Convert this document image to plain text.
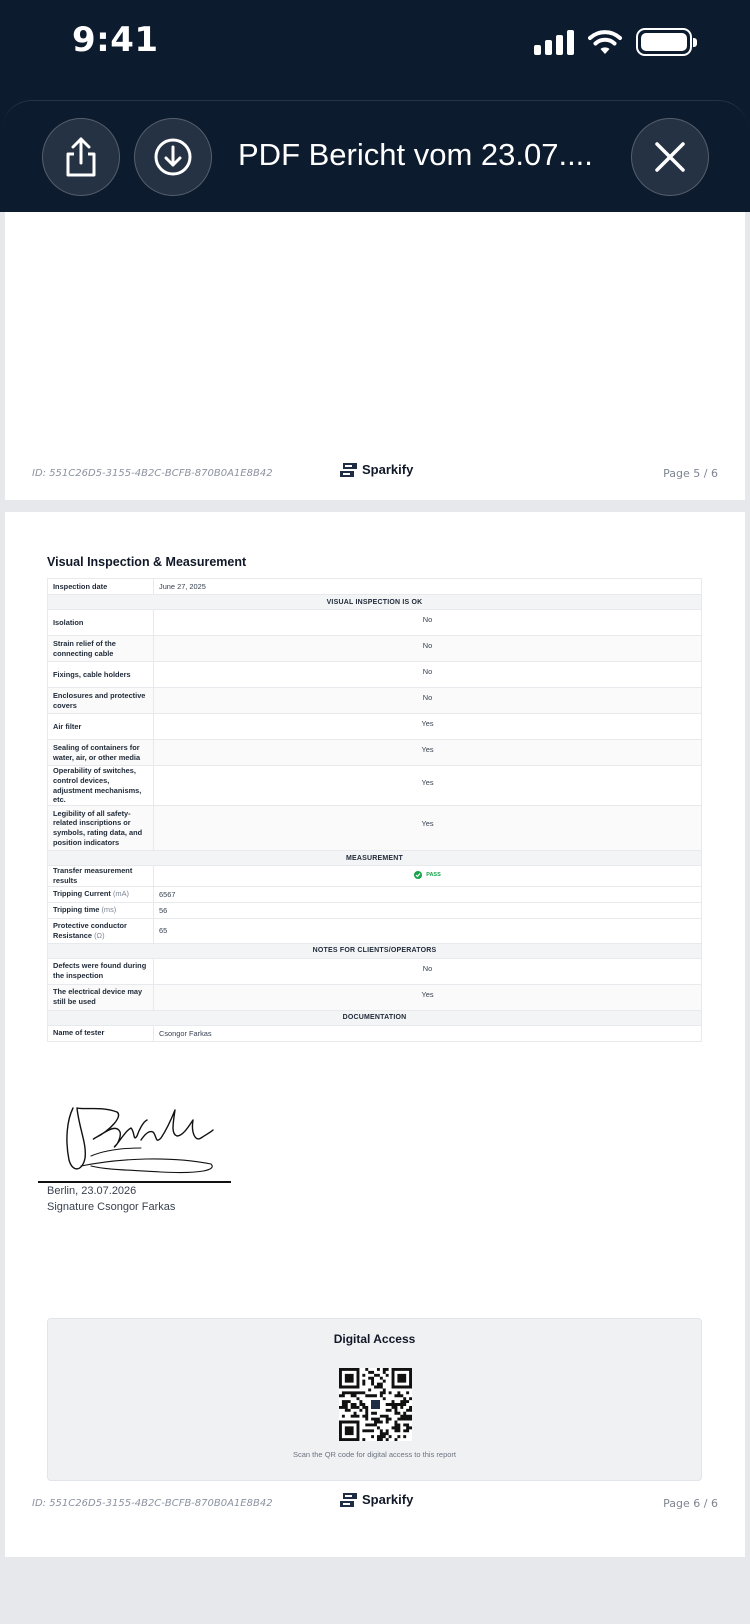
9:41
PDF Bericht vom 23.07....
ID: 551C26D5-3155-4B2C-BCFB-870B0A1E8B42	Sparkify	Page 5 / 6
Visual Inspection & Measurement
Inspection date	June 27, 2025
VISUAL INSPECTION IS OK	
Isolation	No
Strain relief of the connecting cable	No
Fixings, cable holders	No
Enclosures and protective covers	No
Air filter	Yes
Sealing of containers for water, air, or other media	Yes
Operability of switches, control devices, adjustment mechanisms, etc.	Yes
Legibility of all safety-related inscriptions or symbols, rating data, and position indicators	Yes
MEASUREMENT	
Transfer measurement results	PASS

Tripping Current (mA)	6567
Tripping time (ms)	56
Protective conductor Resistance (Ω)	65
NOTES FOR CLIENTS/OPERATORS	
Defects were found during the inspection	No
The electrical device may still be used	Yes
DOCUMENTATION	
Name of tester	Csongor Farkas
Berlin, 23.07.2026
Signature Csongor Farkas
Digital Access
Scan the QR code for digital access to this report
ID: 551C26D5-3155-4B2C-BCFB-870B0A1E8B42	Sparkify	Page 6 / 6
